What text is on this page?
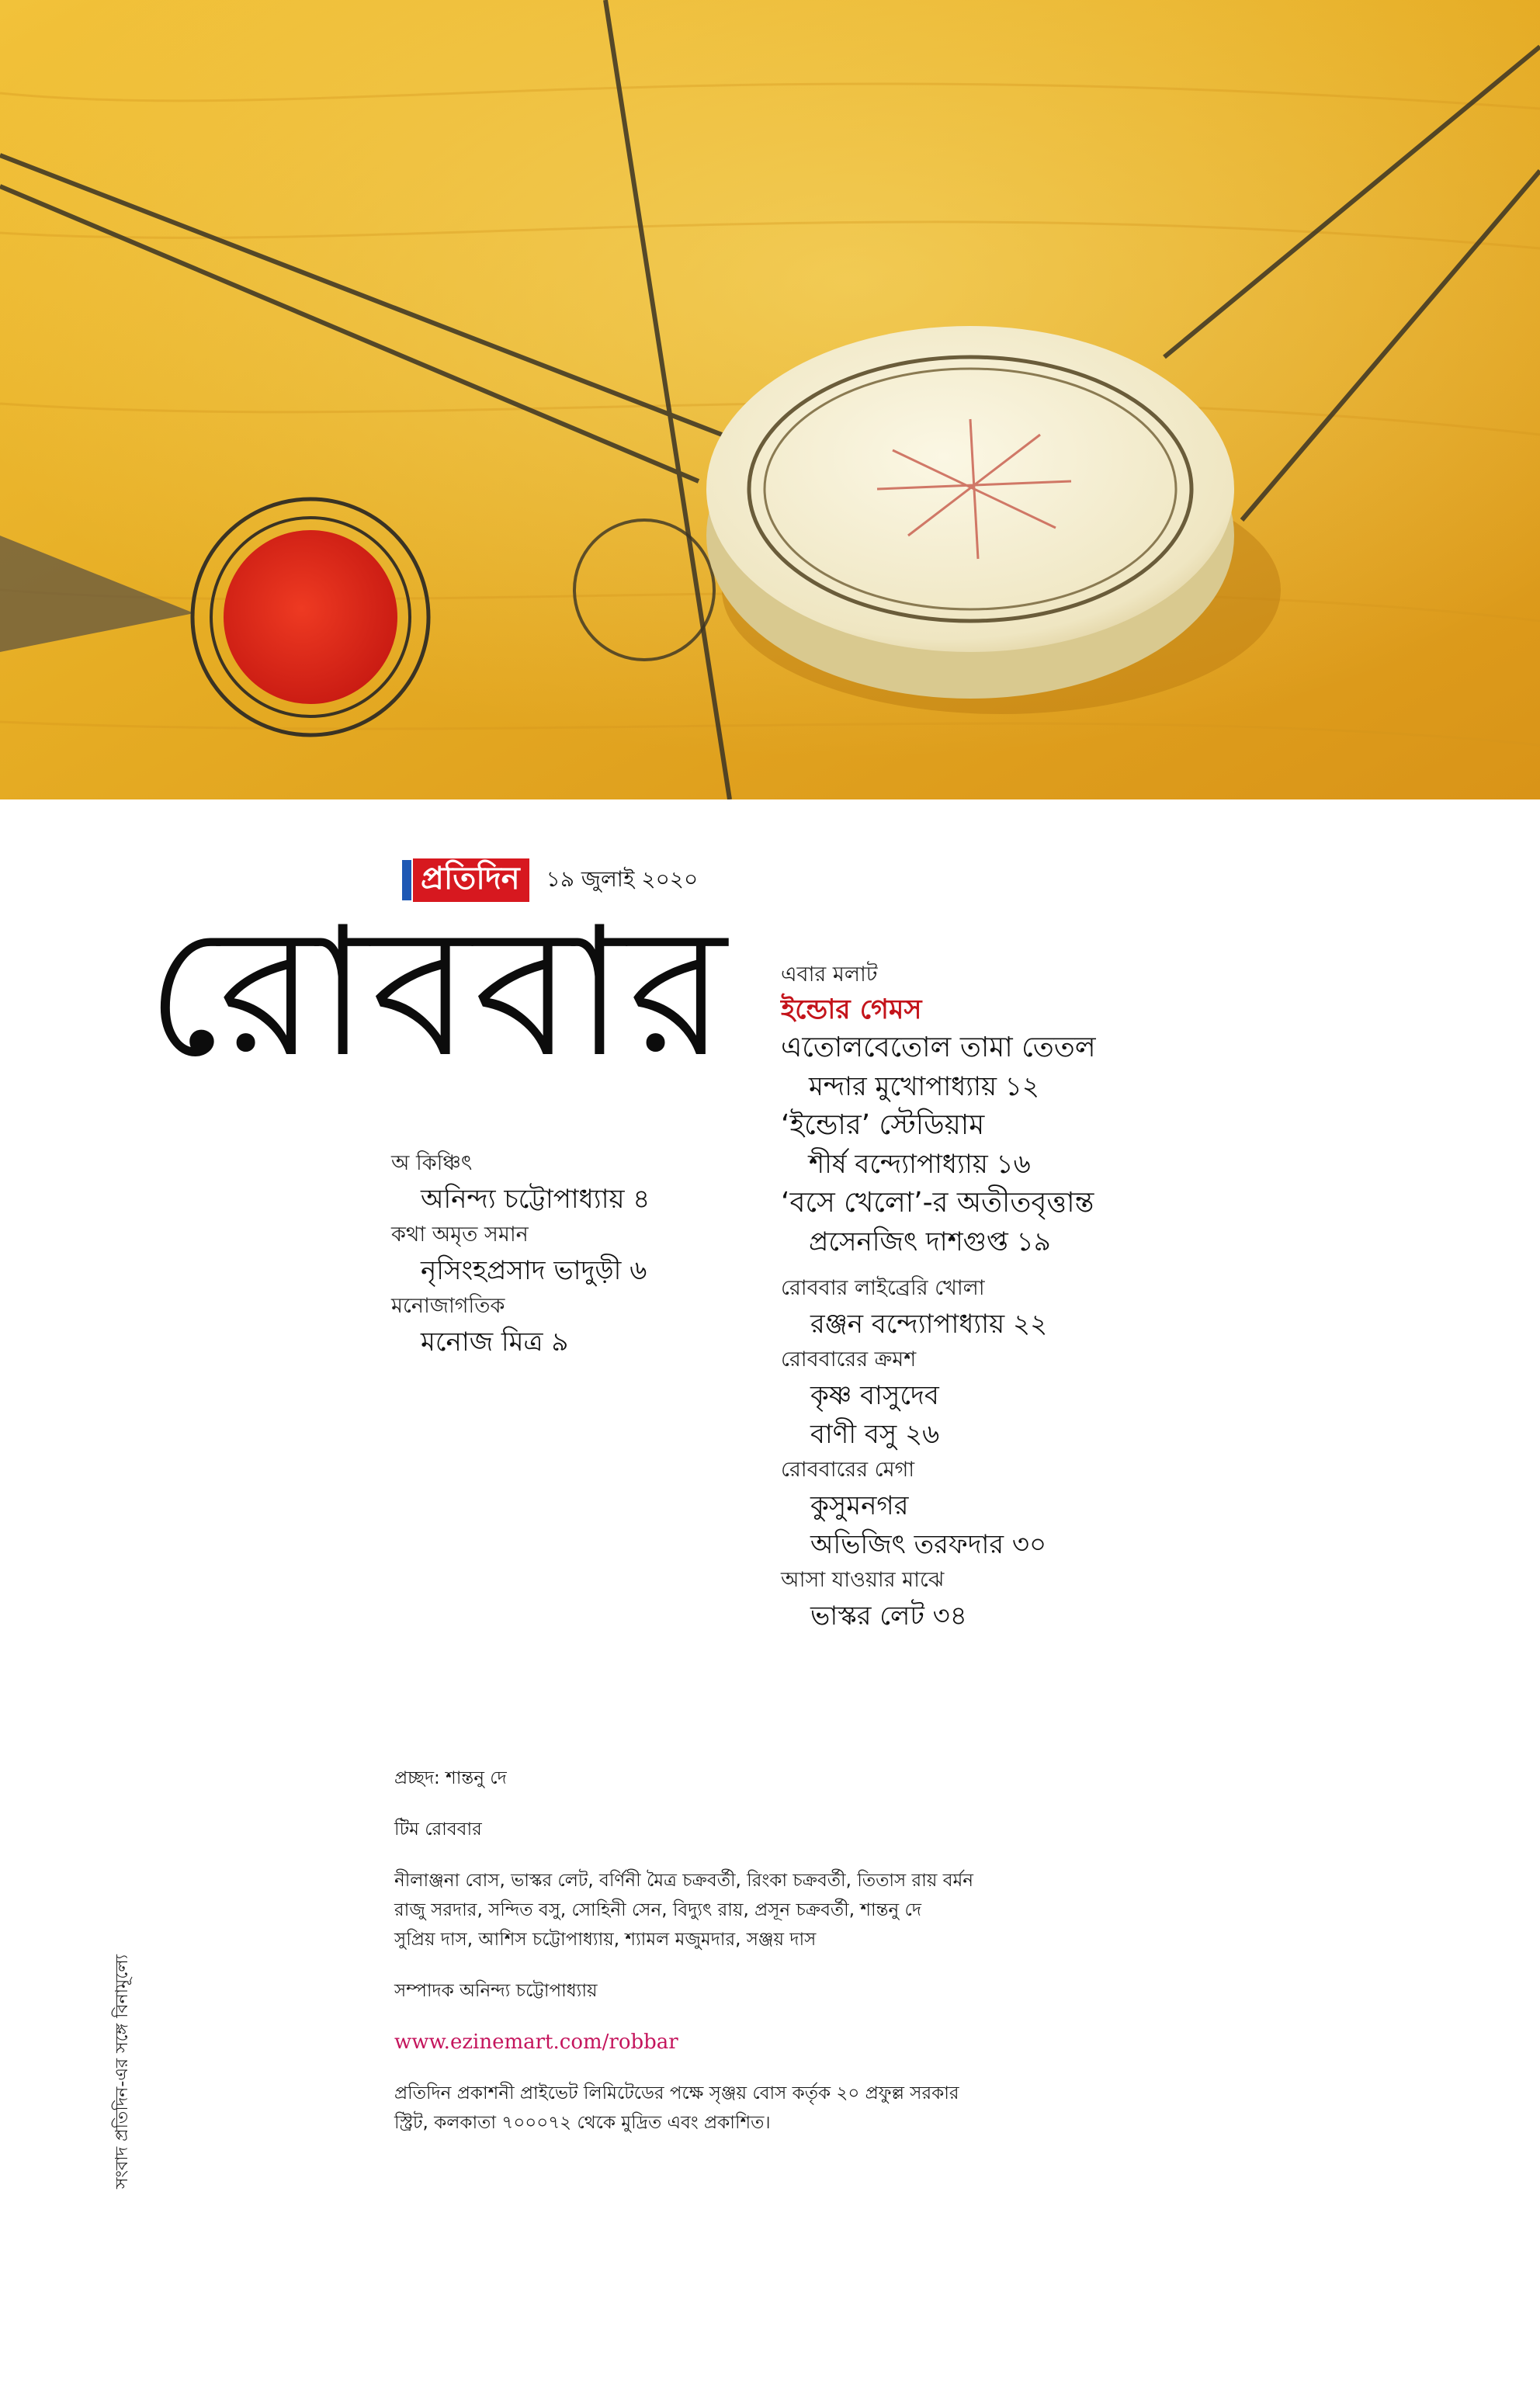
প্রতিদিন	১৯ জুলাই ২০২০
রোববার এবার মলাট
ইন্ডোর গেমস
এতোলবেতোল তামা তেতল
মন্দার মুখোপাধ্যায় ১২
‘ইন্ডোর’ স্টেডিয়াম
শীর্ষ বন্দ্যোপাধ্যায় ১৬
‘বসে খেলো’-র অতীতবৃত্তান্ত
প্রসেনজিৎ দাশগুপ্ত ১৯
রোববার লাইব্রেরি খোলা
রঞ্জন বন্দ্যোপাধ্যায় ২২
রোববারের ক্রমশ
কৃষ্ণ বাসুদেব
বাণী বসু ২৬
রোববারের মেগা
কুসুমনগর
অভিজিৎ তরফদার ৩০
আসা যাওয়ার মাঝে
ভাস্কর লেট ৩৪
অ কিঞ্চিৎ
অনিন্দ্য চট্টোপাধ্যায় ৪
কথা অমৃত সমান
নৃসিংহপ্রসাদ ভাদুড়ী ৬
মনোজাগতিক
মনোজ মিত্র ৯

প্রচ্ছদ: শান্তনু দে

টিম রোববার

নীলাঞ্জনা বোস, ভাস্কর লেট, বর্ণিনী মৈত্র চক্রবর্তী, রিংকা চক্রবর্তী, তিতাস রায় বর্মন

রাজু সরদার, সন্দিত বসু, সোহিনী সেন, বিদ্যুৎ রায়, প্রসূন চক্রবর্তী, শান্তনু দে

সুপ্রিয় দাস, আশিস চট্টোপাধ্যায়, শ্যামল মজুমদার, সঞ্জয় দাস

সম্পাদক অনিন্দ্য চট্টোপাধ্যায়

www.ezinemart.com/robbar

প্রতিদিন প্রকাশনী প্রাইভেট লিমিটেডের পক্ষে সৃঞ্জয় বোস কর্তৃক ২০ প্রফুল্ল সরকার

স্ট্রিট, কলকাতা ৭০০০৭২ থেকে মুদ্রিত এবং প্রকাশিত।

সংবাদ প্রতিদিন-এর সঙ্গে বিনামূল্যে
